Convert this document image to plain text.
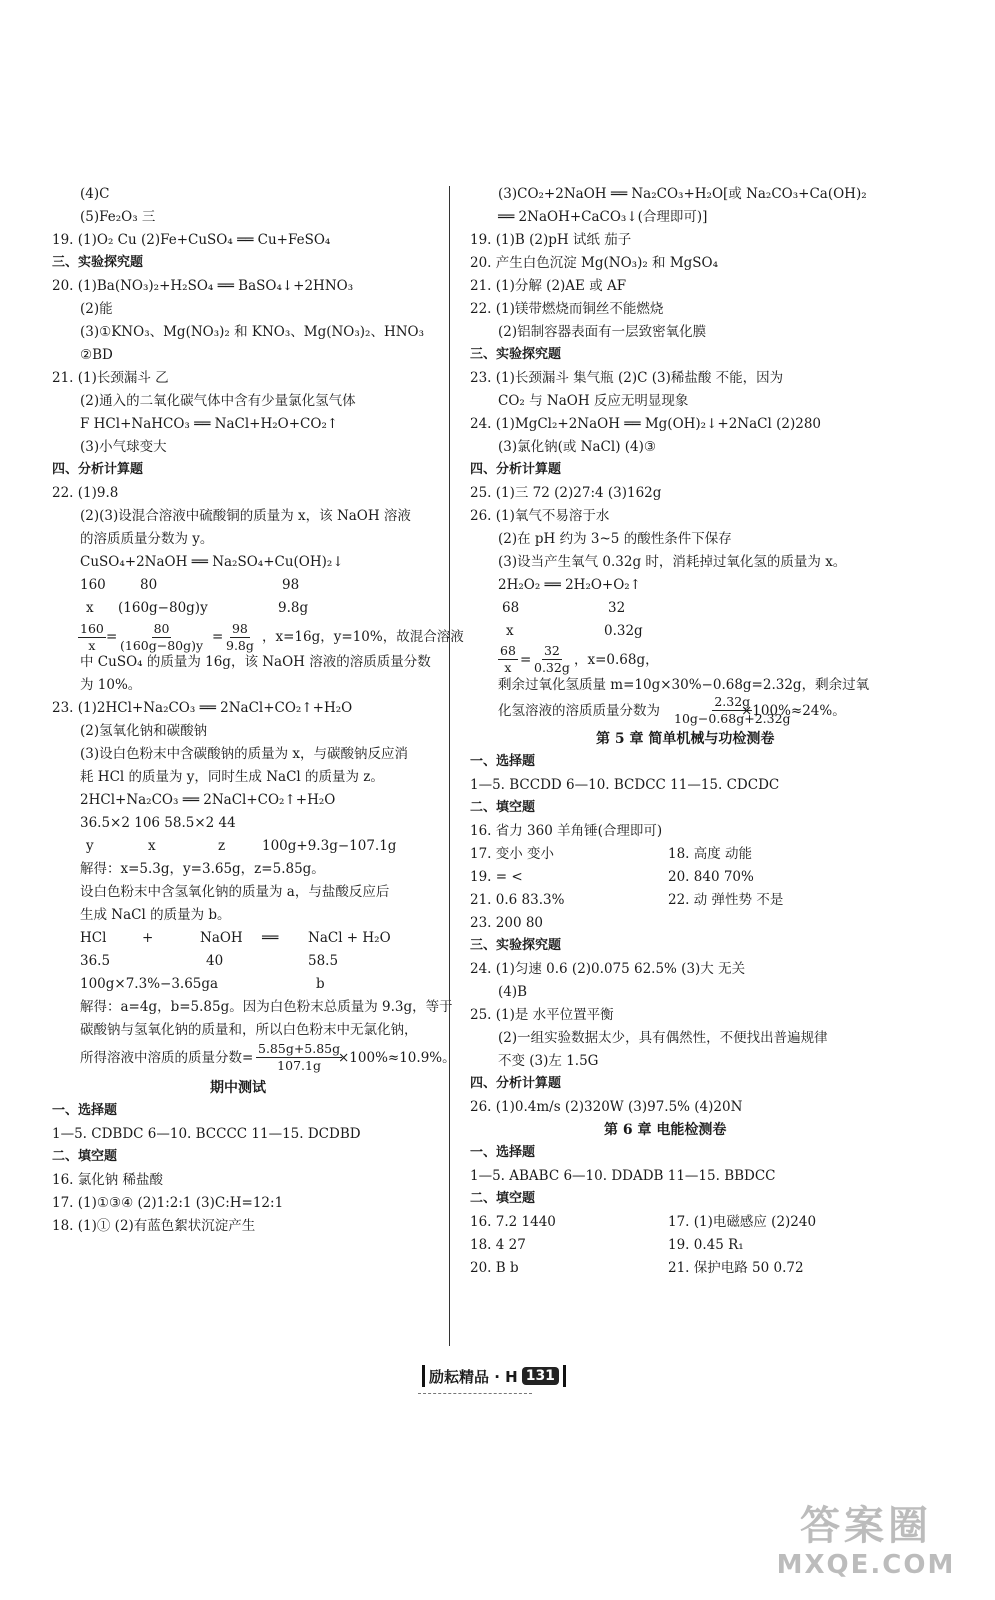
(4)C
(5)Fe₂O₃ 三
19. (1)O₂ Cu (2)Fe+CuSO₄ ══ Cu+FeSO₄
三、实验探究题
20. (1)Ba(NO₃)₂+H₂SO₄ ══ BaSO₄↓+2HNO₃
(2)能
(3)①KNO₃、Mg(NO₃)₂ 和 KNO₃、Mg(NO₃)₂、HNO₃
②BD
21. (1)长颈漏斗 乙
(2)通入的二氧化碳气体中含有少量氯化氢气体
F HCl+NaHCO₃ ══ NaCl+H₂O+CO₂↑
(3)小气球变大
四、分析计算题
22. (1)9.8
(2)(3)设混合溶液中硫酸铜的质量为 x，该 NaOH 溶液
的溶质质量分数为 y。
CuSO₄+2NaOH ══ Na₂SO₄+Cu(OH)₂↓
160	80	98
x (160g−80g)y	9.8g
，x=16g，y=10%，故混合溶液
中 CuSO₄ 的质量为 16g，该 NaOH 溶液的溶质质量分数
为 10%。
23. (1)2HCl+Na₂CO₃ ══ 2NaCl+CO₂↑+H₂O
(2)氢氧化钠和碳酸钠
(3)设白色粉末中含碳酸钠的质量为 x，与碳酸钠反应消
耗 HCl 的质量为 y，同时生成 NaCl 的质量为 z。
2HCl+Na₂CO₃ ══ 2NaCl+CO₂↑+H₂O
36.5×2 106 58.5×2 44
y	x	z	100g+9.3g−107.1g
解得：x=5.3g，y=3.65g，z=5.85g。
设白色粉末中含氢氧化钠的质量为 a，与盐酸反应后
生成 NaCl 的质量为 b。
HCl	+	NaOH ══ NaCl + H₂O
36.5	40	58.5
100g×7.3%−3.65g a	b
解得：a=4g，b=5.85g。因为白色粉末总质量为 9.3g，等于
碳酸钠与氢氧化钠的质量和，所以白色粉末中无氯化钠，
所得溶液中溶质的质量分数=	×100%≈10.9%。
期中测试
一、选择题
1—5. CDBDC 6—10. BCCCC 11—15. DCDBD
二、填空题
16. 氯化钠 稀盐酸
17. (1)①③④ (2)1:2:1 (3)C:H=12:1
18. (1)① (2)有蓝色絮状沉淀产生
(3)CO₂+2NaOH ══ Na₂CO₃+H₂O[或 Na₂CO₃+Ca(OH)₂
══ 2NaOH+CaCO₃↓(合理即可)]
19. (1)B (2)pH 试纸 茄子
20. 产生白色沉淀 Mg(NO₃)₂ 和 MgSO₄
21. (1)分解 (2)AE 或 AF
22. (1)镁带燃烧而铜丝不能燃烧
(2)铝制容器表面有一层致密氧化膜
三、实验探究题
23. (1)长颈漏斗 集气瓶 (2)C (3)稀盐酸 不能，因为
CO₂ 与 NaOH 反应无明显现象
24. (1)MgCl₂+2NaOH ══ Mg(OH)₂↓+2NaCl (2)280
(3)氯化钠(或 NaCl) (4)③
四、分析计算题
25. (1)三 72 (2)27:4 (3)162g
26. (1)氧气不易溶于水
(2)在 pH 约为 3~5 的酸性条件下保存
(3)设当产生氧气 0.32g 时，消耗掉过氧化氢的质量为 x。
2H₂O₂ ══ 2H₂O+O₂↑
68	32
x	0.32g
，x=0.68g，
剩余过氧化氢质量 m=10g×30%−0.68g=2.32g，剩余过氧
化氢溶液的溶质质量分数为	×100%≈24%。
第 5 章 简单机械与功检测卷
一、选择题
1—5. BCCDD 6—10. BCDCC 11—15. CDCDC
二、填空题
16. 省力 360 羊角锤(合理即可)
17. 变小 变小	18. 高度 动能
19. = <	20. 840 70%
21. 0.6 83.3%	22. 动 弹性势 不是
23. 200 80
三、实验探究题
24. (1)匀速 0.6 (2)0.075 62.5% (3)大 无关
(4)B
25. (1)是 水平位置平衡
(2)一组实验数据太少，具有偶然性，不便找出普遍规律
不变 (3)左 1.5G
四、分析计算题
26. (1)0.4m/s (2)320W (3)97.5% (4)20N
第 6 章 电能检测卷
一、选择题
1—5. ABABC 6—10. DDADB 11—15. BBDCC
二、填空题
16. 7.2 1440	17. (1)电磁感应 (2)240
18. 4 27	19. 0.45 R₁
20. B b	21. 保护电路 50 0.72
$\frac{160}{x} = \frac{80}{(160g-80g)y} = \frac{98}{9.8g}$
$\frac{5.85g+5.85g}{107.1g}$
$\frac{68}{x} = \frac{32}{0.32g}$
$\frac{2.32g}{10g-0.68g+2.32g}$
励耘精品 · H 131
答案圈
MXQE.COM
